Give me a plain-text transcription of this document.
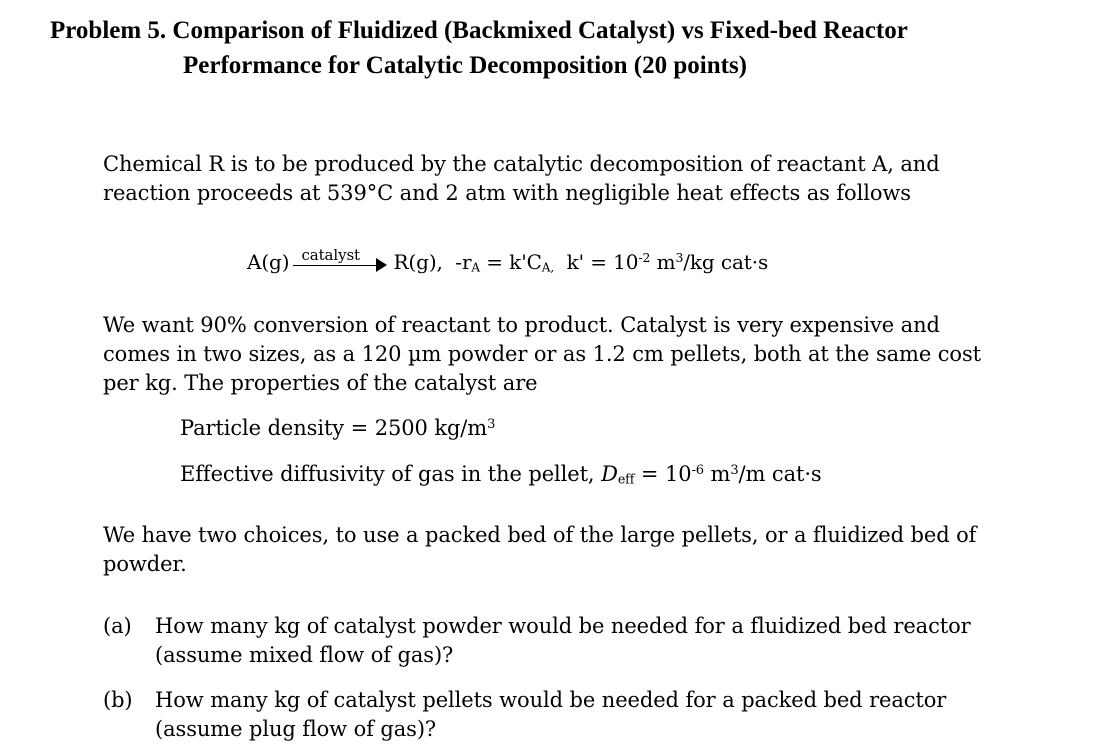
Problem 5. Comparison of Fluidized (Backmixed Catalyst) vs Fixed-bed Reactor
Performance for Catalytic Decomposition (20 points)
Chemical R is to be produced by the catalytic decomposition of reactant A, and
reaction proceeds at 539°C and 2 atm with negligible heat effects as follows
A(g) catalyst R(g), $-r_A = k'C_{A,}$ $k' = 10^{-2}$ $m^3/kg$ cat·s
We want 90% conversion of reactant to product. Catalyst is very expensive and
comes in two sizes, as a 120 µm powder or as 1.2 cm pellets, both at the same cost
per kg. The properties of the catalyst are
Particle density = 2500 $kg/m^3$
Effective diffusivity of gas in the pellet, $D_{eff} = 10^{-6}$ $m^3/m$ cat·s
We have two choices, to use a packed bed of the large pellets, or a fluidized bed of
powder.
(a) How many kg of catalyst powder would be needed for a fluidized bed reactor
(assume mixed flow of gas)?
(b) How many kg of catalyst pellets would be needed for a packed bed reactor
(assume plug flow of gas)?
